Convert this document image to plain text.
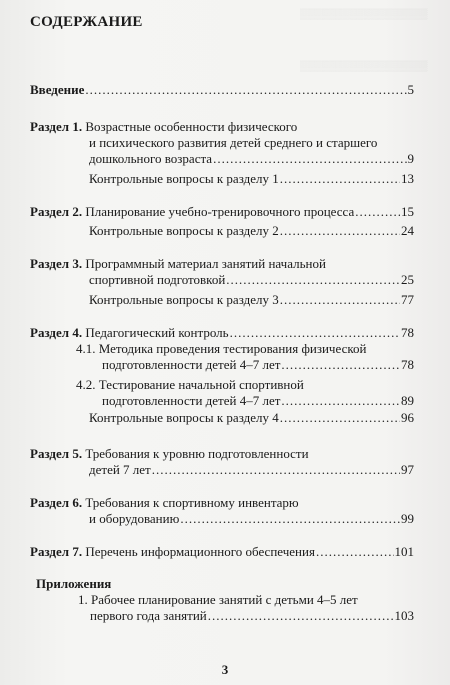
▒▒▒▒▒▒▒▒▒▒▒▒▒▒▒▒▒▒
▒▒▒▒▒▒▒▒▒▒▒▒▒▒▒▒▒▒
СОДЕРЖАНИЕ
Введение .....	5
Раздел 1. Возрастные особенности физического
и психического развития детей среднего и старшего
дошкольного возраста .....	9
Контрольные вопросы к разделу 1 .....	13
Раздел 2. Планирование учебно-тренировочного процесса .....	15
Контрольные вопросы к разделу 2 .....	24
Раздел 3. Программный материал занятий начальной
спортивной подготовкой .....	25
Контрольные вопросы к разделу 3 .....	77
Раздел 4. Педагогический контроль .....	78
4.1. Методика проведения тестирования физической
подготовленности детей 4–7 лет .....	78
4.2. Тестирование начальной спортивной
подготовленности детей 4–7 лет .....	89
Контрольные вопросы к разделу 4 .....	96
Раздел 5. Требования к уровню подготовленности
детей 7 лет .....	97
Раздел 6. Требования к спортивному инвентарю
и оборудованию .....	99
Раздел 7. Перечень информационного обеспечения .....	101
Приложения
1. Рабочее планирование занятий с детьми 4–5 лет
первого года занятий .....	103
3
